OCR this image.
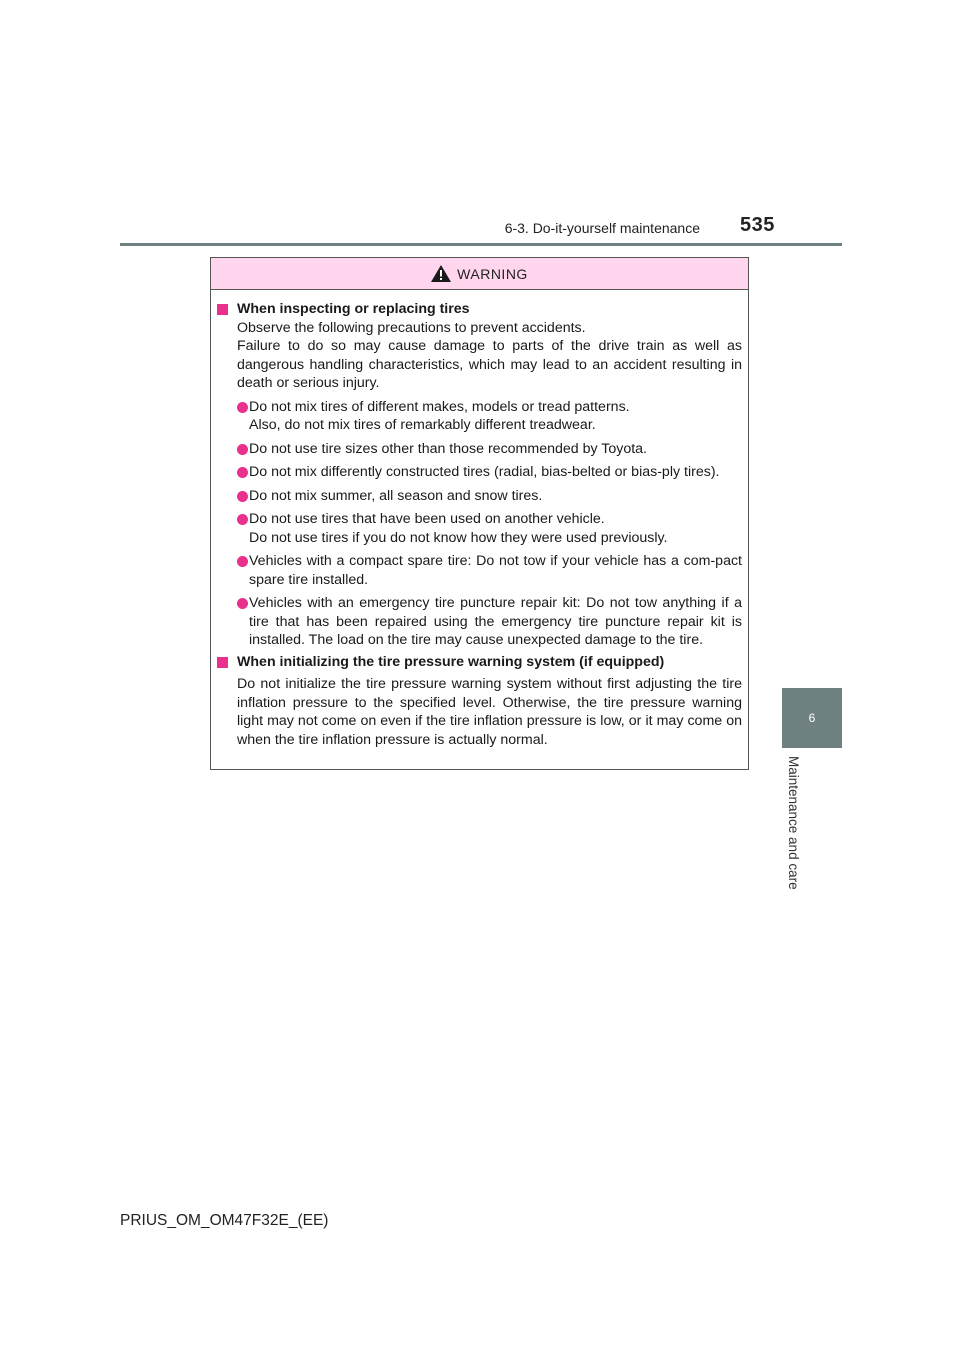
6-3. Do-it-yourself maintenance 535
6
Maintenance and care
WARNING
When inspecting or replacing tires
Observe the following precautions to prevent accidents.
Failure to do so may cause damage to parts of the drive train as well as dangerous handling characteristics, which may lead to an accident resulting in death or serious injury.
Do not mix tires of different makes, models or tread patterns.
Also, do not mix tires of remarkably different treadwear.
Do not use tire sizes other than those recommended by Toyota.
Do not mix differently constructed tires (radial, bias-belted or bias-ply tires).
Do not mix summer, all season and snow tires.
Do not use tires that have been used on another vehicle.
Do not use tires if you do not know how they were used previously.
Vehicles with a compact spare tire: Do not tow if your vehicle has a com-pact spare tire installed.
Vehicles with an emergency tire puncture repair kit: Do not tow anything if a tire that has been repaired using the emergency tire puncture repair kit is installed. The load on the tire may cause unexpected damage to the tire.
When initializing the tire pressure warning system (if equipped)
Do not initialize the tire pressure warning system without first adjusting the tire inflation pressure to the specified level. Otherwise, the tire pressure warning light may not come on even if the tire inflation pressure is low, or it may come on when the tire inflation pressure is actually normal.
PRIUS_OM_OM47F32E_(EE)
